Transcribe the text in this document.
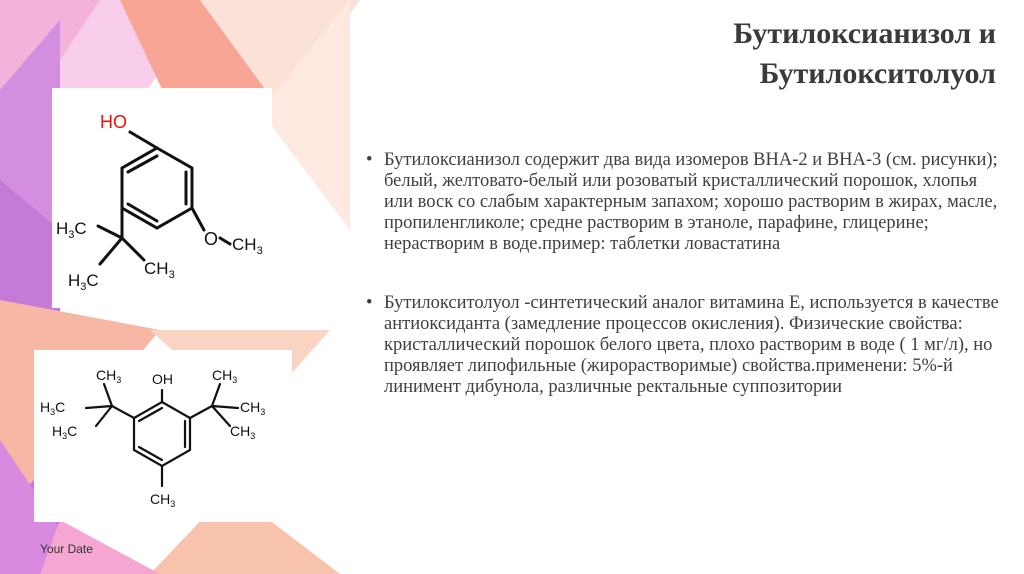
HO
O $CH_3$
$H_3C$
$CH_3$
$H_3C$
OH
$CH_3$	$CH_3$
$H_3C$	$CH_3$
$H_3C$	$CH_3$
$CH_3$
Бутилоксианизол и
Бутилокситолуол
• Бутилоксианизол содержит два вида изомеров ВНА-2 и ВНА-3 (см. рисунки); белый, желтовато-белый или розоватый кристаллический порошок, хлопья или воск со слабым характерным запахом; хорошо растворим в жирах, масле, пропиленгликоле; средне растворим в этаноле, парафине, глицерине; нерастворим в воде.пример: таблетки ловастатина
• Бутилокситолуол -синтетический аналог витамина Е, используется в качестве антиоксиданта (замедление процессов окисления). Физические свойства: кристаллический порошок белого цвета, плохо растворим в воде ( 1 мг/л), но проявляет липофильные (жирорастворимые) свойства.применени: 5%-й линимент дибунола, различные ректальные суппозитории
Your Date
